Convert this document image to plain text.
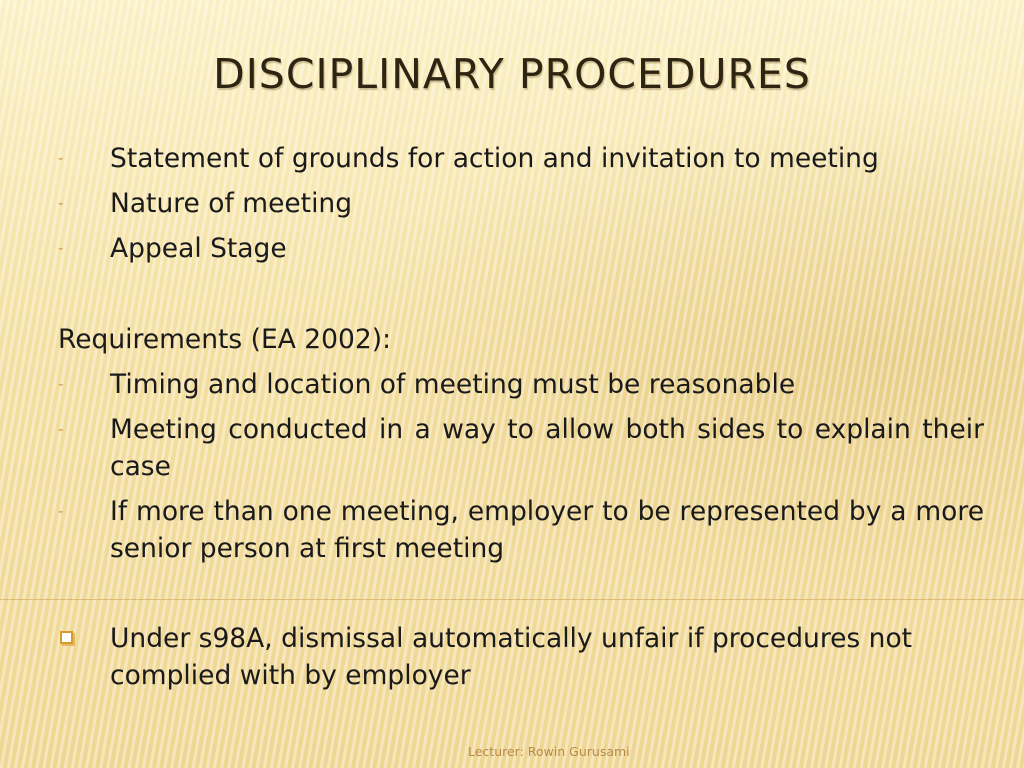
DISCIPLINARY PROCEDURES
- Statement of grounds for action and invitation to meeting
- Nature of meeting
- Appeal Stage
Requirements (EA 2002):
- Timing and location of meeting must be reasonable
- Meeting conducted in a way to allow both sides to explain their case
- If more than one meeting, employer to be represented by a more senior person at first meeting
Under s98A, dismissal automatically unfair if procedures not complied with by employer
Lecturer: Rowin Gurusami
